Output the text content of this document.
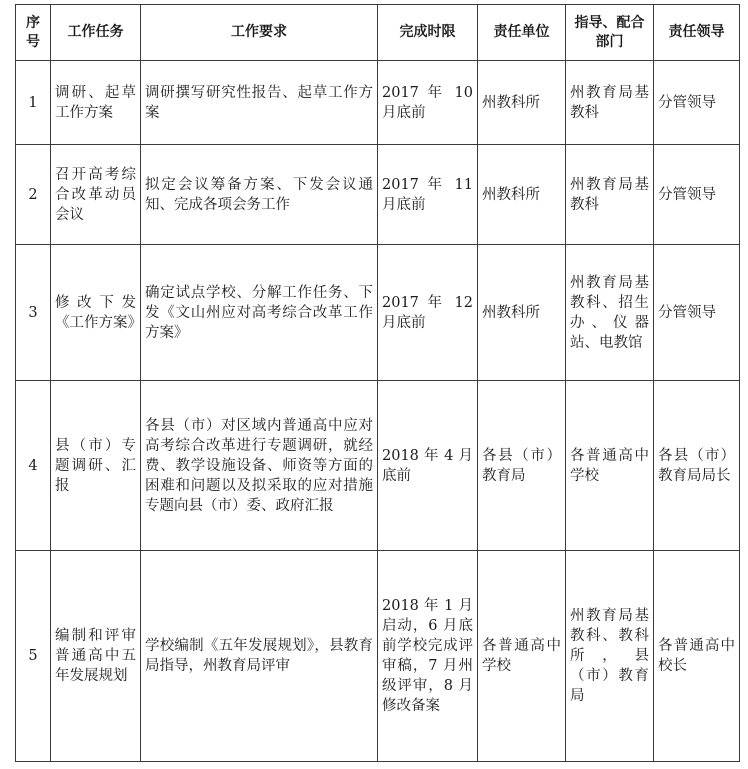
序号	工作任务	工作要求	完成时限	责任单位	指导、配合部门	责任领导
1	调研、起草工作方案	调研撰写研究性报告、起草工作方案	2017 年 10 月底前	州教科所	州教育局基教科	分管领导
2	召开高考综合改革动员会议	拟定会议筹备方案、下发会议通知、完成各项会务工作	2017 年 11 月底前	州教科所	州教育局基教科	分管领导
3	修改下发《工作方案》	确定试点学校、分解工作任务、下发《文山州应对高考综合改革工作方案》	2017 年 12 月底前	州教科所	州教育局基教科、招生办、仪器站、电教馆	分管领导
4	县（市）专题调研、汇报	各县（市）对区域内普通高中应对高考综合改革进行专题调研，就经费、教学设施设备、师资等方面的困难和问题以及拟采取的应对措施专题向县（市）委、政府汇报	2018 年 4 月底前	各县（市）教育局	各普通高中学校	各县（市）教育局局长
5	编制和评审普通高中五年发展规划	学校编制《五年发展规划》，县教育局指导，州教育局评审	2018 年 1 月启动，6 月底前学校完成评审稿，7 月州级评审，8 月修改备案	各普通高中学校	州教育局基教科、教科所，县（市）教育局	各普通高中校长
